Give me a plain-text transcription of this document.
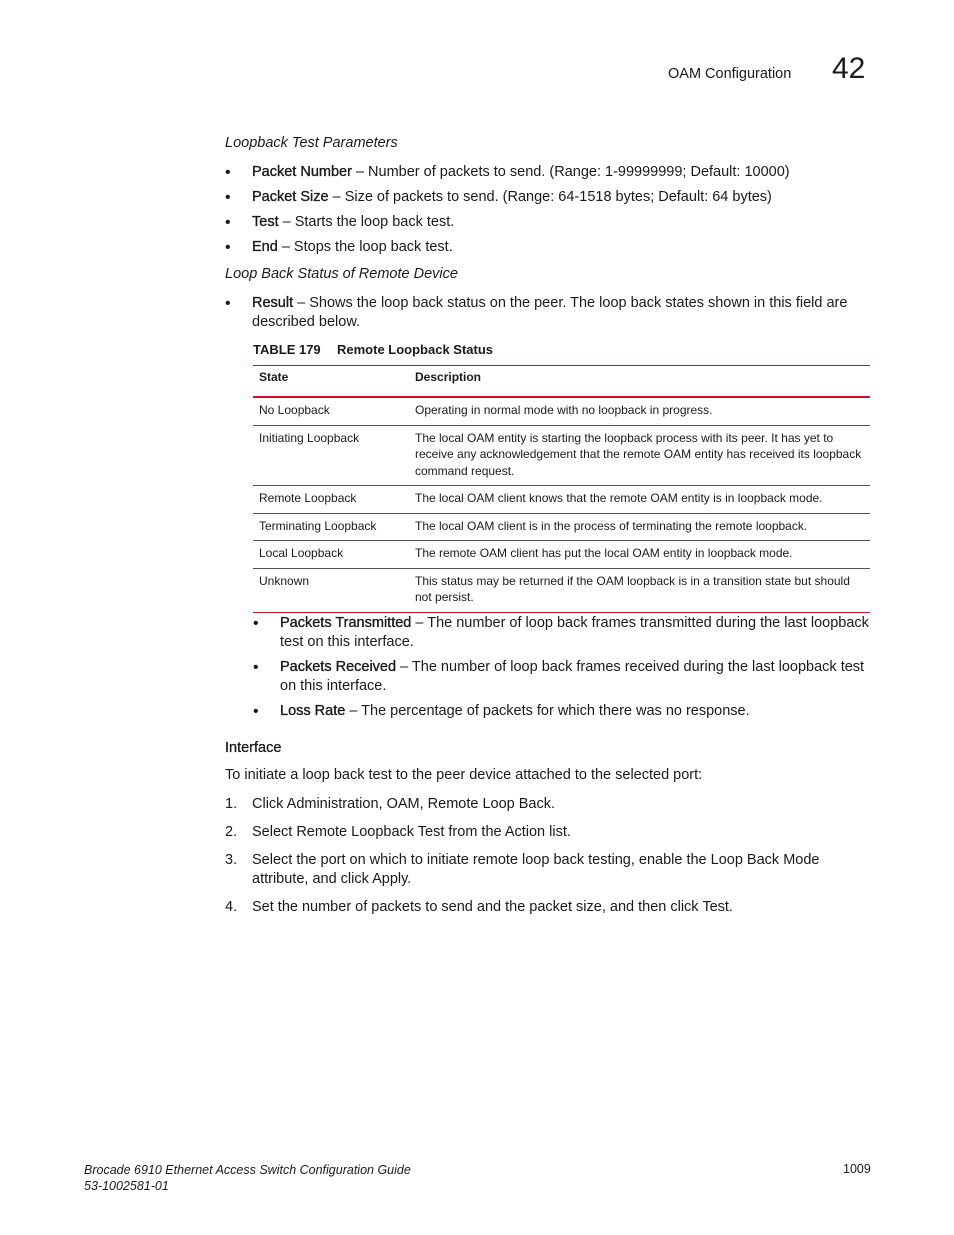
OAM Configuration 42
Loopback Test Parameters
• Packet Number – Number of packets to send. (Range: 1-99999999; Default: 10000)
• Packet Size – Size of packets to send. (Range: 64-1518 bytes; Default: 64 bytes)
• Test – Starts the loop back test.
• End – Stops the loop back test.
Loop Back Status of Remote Device
• Result – Shows the loop back status on the peer. The loop back states shown in this field are described below.
TABLE 179 Remote Loopback Status
State	Description
No Loopback	Operating in normal mode with no loopback in progress.
Initiating Loopback	The local OAM entity is starting the loopback process with its peer. It has yet to receive any acknowledgement that the remote OAM entity has received its loopback command request.
Remote Loopback	The local OAM client knows that the remote OAM entity is in loopback mode.
Terminating Loopback	The local OAM client is in the process of terminating the remote loopback.
Local Loopback	The remote OAM client has put the local OAM entity in loopback mode.
Unknown	This status may be returned if the OAM loopback is in a transition state but should not persist.
• Packets Transmitted – The number of loop back frames transmitted during the last loopback test on this interface.
• Packets Received – The number of loop back frames received during the last loopback test on this interface.
• Loss Rate – The percentage of packets for which there was no response.
Interface
To initiate a loop back test to the peer device attached to the selected port:
1. Click Administration, OAM, Remote Loop Back.
2. Select Remote Loopback Test from the Action list.
3. Select the port on which to initiate remote loop back testing, enable the Loop Back Mode attribute, and click Apply.
4. Set the number of packets to send and the packet size, and then click Test.
Brocade 6910 Ethernet Access Switch Configuration Guide
53-1002581-01
1009
